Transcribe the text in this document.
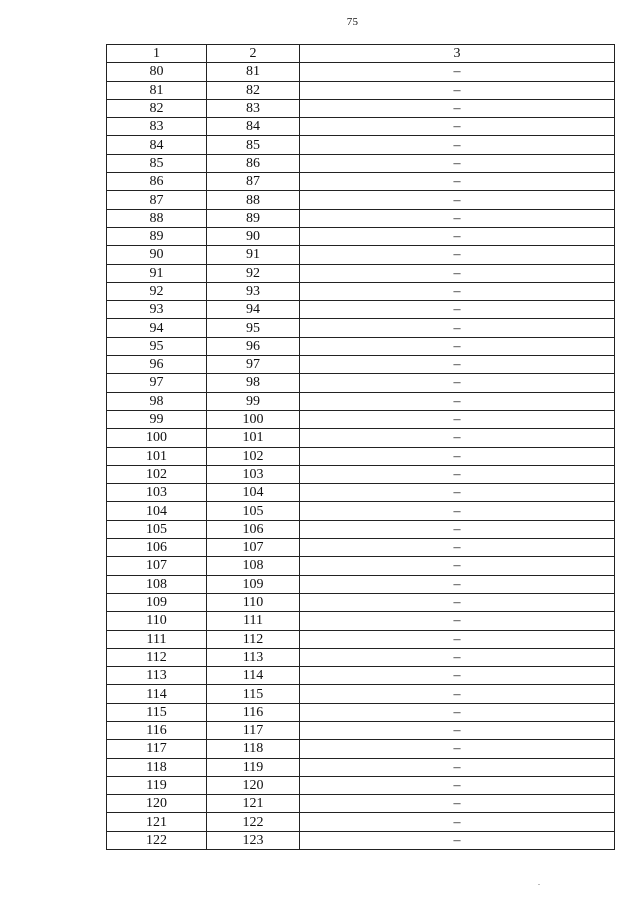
75
1	2	3
80	81	–
81	82	–
82	83	–
83	84	–
84	85	–
85	86	–
86	87	–
87	88	–
88	89	–
89	90	–
90	91	–
91	92	–
92	93	–
93	94	–
94	95	–
95	96	–
96	97	–
97	98	–
98	99	–
99	100	–
100	101	–
101	102	–
102	103	–
103	104	–
104	105	–
105	106	–
106	107	–
107	108	–
108	109	–
109	110	–
110	111	–
111	112	–
112	113	–
113	114	–
114	115	–
115	116	–
116	117	–
117	118	–
118	119	–
119	120	–
120	121	–
121	122	–
122	123	–
